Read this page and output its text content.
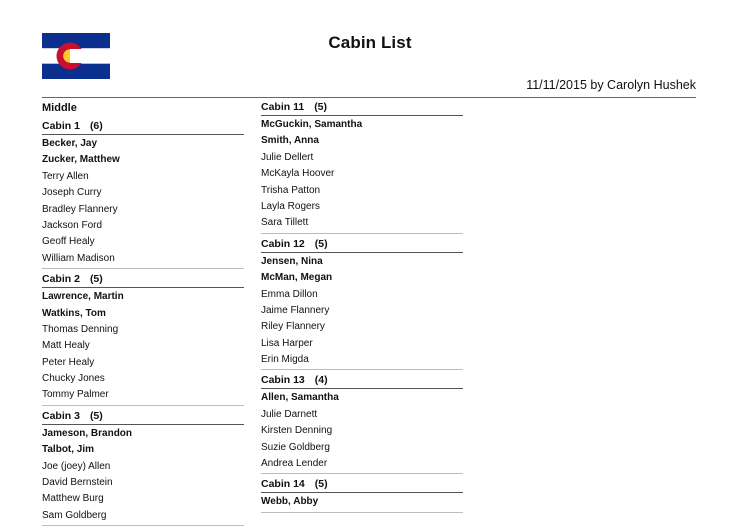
Cabin List
11/11/2015 by Carolyn Hushek
Middle
Cabin 1 (6)
Becker, Jay
Zucker, Matthew
Terry Allen
Joseph Curry
Bradley Flannery
Jackson Ford
Geoff Healy
William Madison
Cabin 2 (5)
Lawrence, Martin
Watkins, Tom
Thomas Denning
Matt Healy
Peter Healy
Chucky Jones
Tommy Palmer
Cabin 3 (5)
Jameson, Brandon
Talbot, Jim
Joe (joey) Allen
David Bernstein
Matthew Burg
Sam Goldberg
Cabin 11 (5)
McGuckin, Samantha
Smith, Anna
Julie Dellert
McKayla Hoover
Trisha Patton
Layla Rogers
Sara Tillett
Cabin 12 (5)
Jensen, Nina
McMan, Megan
Emma Dillon
Jaime Flannery
Riley Flannery
Lisa Harper
Erin Migda
Cabin 13 (4)
Allen, Samantha
Julie Darnett
Kirsten Denning
Suzie Goldberg
Andrea Lender
Cabin 14 (5)
Webb, Abby
